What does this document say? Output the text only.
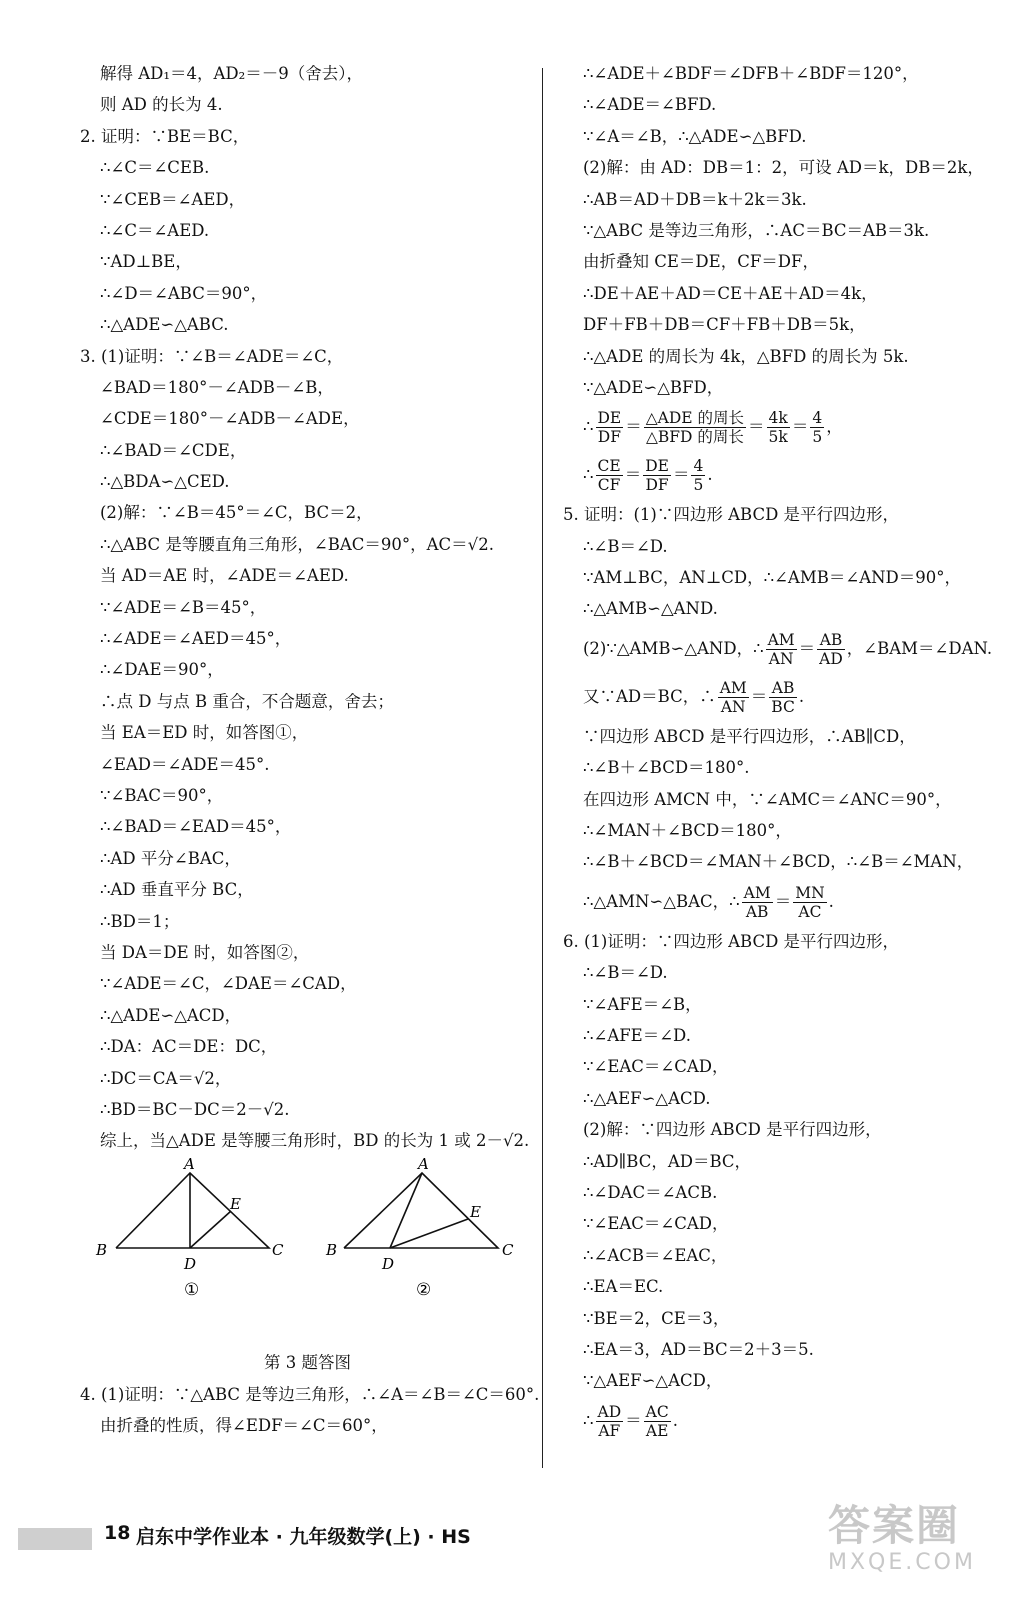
解得 AD₁＝4，AD₂＝－9（舍去），
则 AD 的长为 4.
2. 证明：∵BE＝BC，
∴∠C＝∠CEB.
∵∠CEB＝∠AED，
∴∠C＝∠AED.
∵AD⊥BE，
∴∠D＝∠ABC＝90°，
∴△ADE∽△ABC.
3. (1)证明：∵∠B＝∠ADE＝∠C，
∠BAD＝180°－∠ADB－∠B，
∠CDE＝180°－∠ADB－∠ADE，
∴∠BAD＝∠CDE，
∴△BDA∽△CED.
(2)解：∵∠B＝45°＝∠C，BC＝2，
∴△ABC 是等腰直角三角形，∠BAC＝90°，AC＝√2.
当 AD＝AE 时，∠ADE＝∠AED.
∵∠ADE＝∠B＝45°，
∴∠ADE＝∠AED＝45°，
∴∠DAE＝90°，
∴点 D 与点 B 重合，不合题意，舍去；
当 EA＝ED 时，如答图①，
∠EAD＝∠ADE＝45°.
∵∠BAC＝90°，
∴∠BAD＝∠EAD＝45°，
∴AD 平分∠BAC，
∴AD 垂直平分 BC，
∴BD＝1；
当 DA＝DE 时，如答图②，
∵∠ADE＝∠C，∠DAE＝∠CAD，
∴△ADE∽△ACD，
∴DA：AC＝DE：DC，
∴DC＝CA＝√2，
∴BD＝BC－DC＝2－√2.
综上，当△ADE 是等腰三角形时，BD 的长为 1 或 2－√2.
A
B	C
D
E
①
A
B	C
D
E
②
第 3 题答图
4. (1)证明：∵△ABC 是等边三角形，∴∠A＝∠B＝∠C＝60°.
由折叠的性质，得∠EDF＝∠C＝60°，
∴∠ADE＋∠BDF＝∠DFB＋∠BDF＝120°，
∴∠ADE＝∠BFD.
∵∠A＝∠B，∴△ADE∽△BFD.
(2)解：由 AD：DB＝1：2，可设 AD＝k，DB＝2k，
∴AB＝AD＋DB＝k＋2k＝3k.
∵△ABC 是等边三角形，∴AC＝BC＝AB＝3k.
由折叠知 CE＝DE，CF＝DF，
∴DE＋AE＋AD＝CE＋AE＋AD＝4k，
DF＋FB＋DB＝CF＋FB＋DB＝5k，
∴△ADE 的周长为 4k，△BFD 的周长为 5k.
∵△ADE∽△BFD，
∴ $\frac{DE}{DF} = \frac{\text{△ADE 的周长}}{\text{△BFD 的周长}} = \frac{4k}{5k} = \frac{4}{5}$ ，
∴ $\frac{CE}{CF} = \frac{DE}{DF} = \frac{4}{5}$ .
5. 证明：(1)∵四边形 ABCD 是平行四边形，
∴∠B＝∠D.
∵AM⊥BC，AN⊥CD，∴∠AMB＝∠AND＝90°，
∴△AMB∽△AND.
(2)∵△AMB∽△AND，∴ $\frac{AM}{AN} = \frac{AB}{AD}$ ，∠BAM＝∠DAN.
又∵AD＝BC，∴ $\frac{AM}{AN} = \frac{AB}{BC}$ .
∵四边形 ABCD 是平行四边形，∴AB∥CD，
∴∠B＋∠BCD＝180°.
在四边形 AMCN 中，∵∠AMC＝∠ANC＝90°，
∴∠MAN＋∠BCD＝180°，
∴∠B＋∠BCD＝∠MAN＋∠BCD，∴∠B＝∠MAN，
∴△AMN∽△BAC，∴ $\frac{AM}{AB} = \frac{MN}{AC}$ .
6. (1)证明：∵四边形 ABCD 是平行四边形，
∴∠B＝∠D.
∵∠AFE＝∠B，
∴∠AFE＝∠D.
∵∠EAC＝∠CAD，
∴△AEF∽△ACD.
(2)解：∵四边形 ABCD 是平行四边形，
∴AD∥BC，AD＝BC，
∴∠DAC＝∠ACB.
∵∠EAC＝∠CAD，
∴∠ACB＝∠EAC，
∴EA＝EC.
∵BE＝2，CE＝3，
∴EA＝3，AD＝BC＝2＋3＝5.
∵△AEF∽△ACD，
∴ $\frac{AD}{AF} = \frac{AC}{AE}$ .
18 启东中学作业本 · 九年级数学(上) · HS	答案圈
MXQE.COM
